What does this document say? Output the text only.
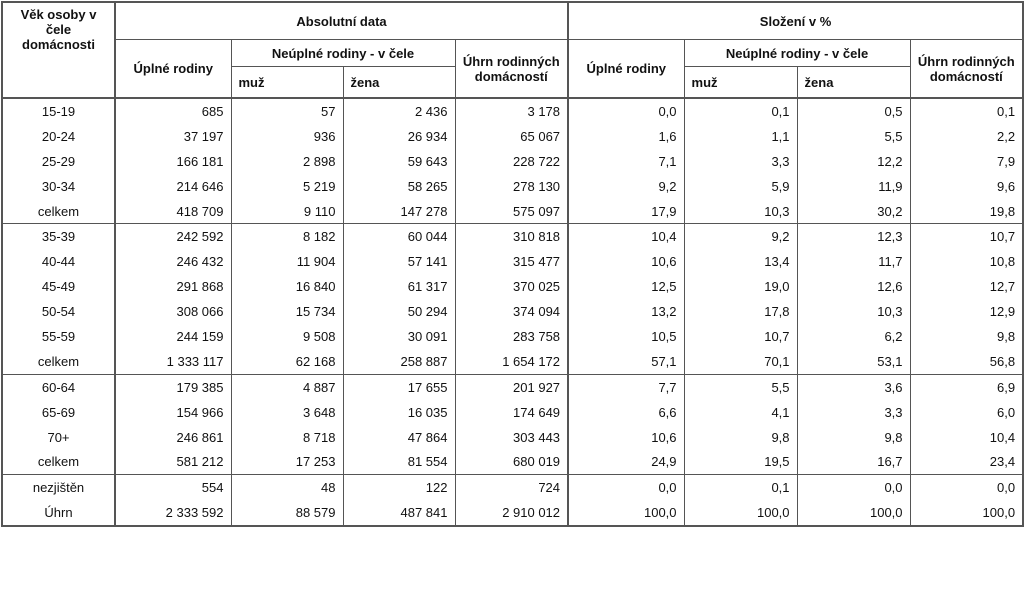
Věk osoby v čele domácnosti	Absolutní data				Složení v %			
	Úplné rodiny	Neúplné rodiny - v čele		Úhrn rodinných domácností	Úplné rodiny	Neúplné rodiny - v čele		Úhrn rodinných domácností
		muž	žena			muž	žena	
15-19	685	57	2 436	3 178	0,0	0,1	0,5	0,1
20-24	37 197	936	26 934	65 067	1,6	1,1	5,5	2,2
25-29	166 181	2 898	59 643	228 722	7,1	3,3	12,2	7,9
30-34	214 646	5 219	58 265	278 130	9,2	5,9	11,9	9,6
celkem	418 709	9 110	147 278	575 097	17,9	10,3	30,2	19,8
35-39	242 592	8 182	60 044	310 818	10,4	9,2	12,3	10,7
40-44	246 432	11 904	57 141	315 477	10,6	13,4	11,7	10,8
45-49	291 868	16 840	61 317	370 025	12,5	19,0	12,6	12,7
50-54	308 066	15 734	50 294	374 094	13,2	17,8	10,3	12,9
55-59	244 159	9 508	30 091	283 758	10,5	10,7	6,2	9,8
celkem	1 333 117	62 168	258 887	1 654 172	57,1	70,1	53,1	56,8
60-64	179 385	4 887	17 655	201 927	7,7	5,5	3,6	6,9
65-69	154 966	3 648	16 035	174 649	6,6	4,1	3,3	6,0
70+	246 861	8 718	47 864	303 443	10,6	9,8	9,8	10,4
celkem	581 212	17 253	81 554	680 019	24,9	19,5	16,7	23,4
nezjištěn	554	48	122	724	0,0	0,1	0,0	0,0
Úhrn	2 333 592	88 579	487 841	2 910 012	100,0	100,0	100,0	100,0
